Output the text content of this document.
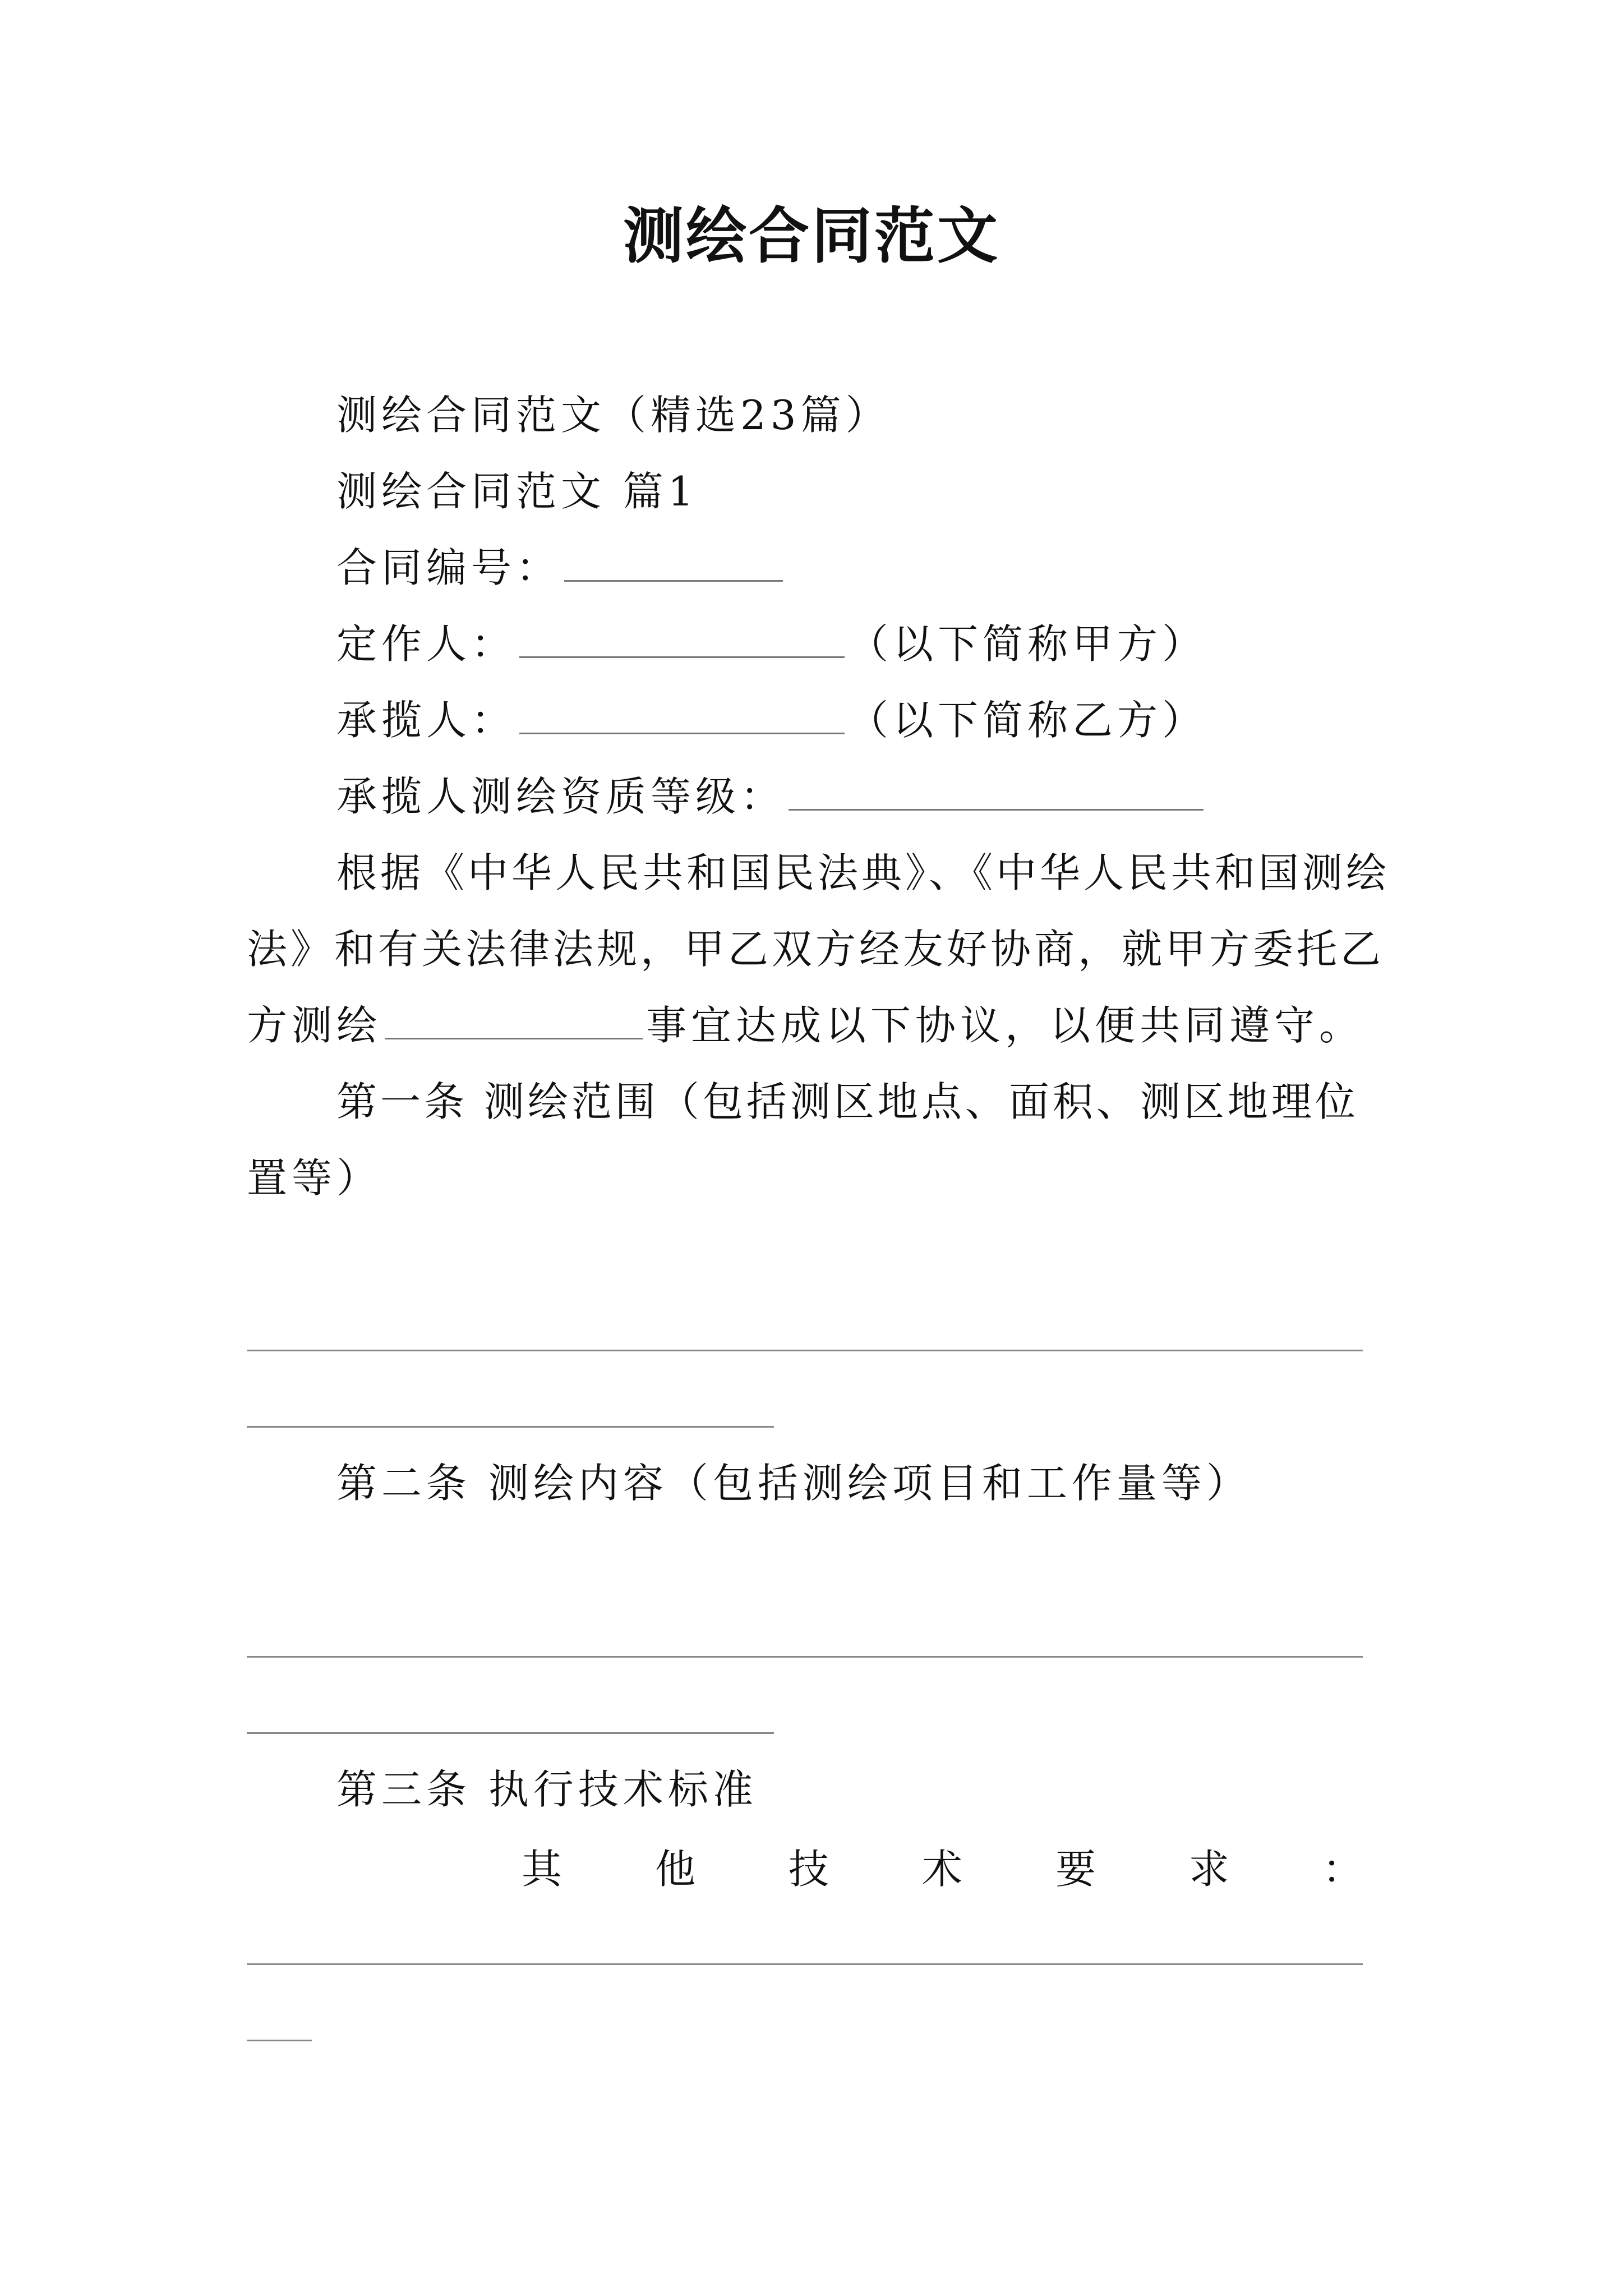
测绘合同范文
测绘合同范文（精选23篇）
测绘合同范文 篇1
合同编号：
定作人：	（以下简称甲方）
承揽人：	（以下简称乙方）
承揽人测绘资质等级：
根据《中华人民共和国民法典》、《中华人民共和国测绘
法》和有关法律法规，甲乙双方经友好协商，就甲方委托乙
方测绘	事宜达成以下协议，以便共同遵守。
第一条 测绘范围（包括测区地点、面积、测区地理位
置等）
第二条 测绘内容（包括测绘项目和工作量等）
第三条 执行技术标准
其 他 技 术 要 求 ：
